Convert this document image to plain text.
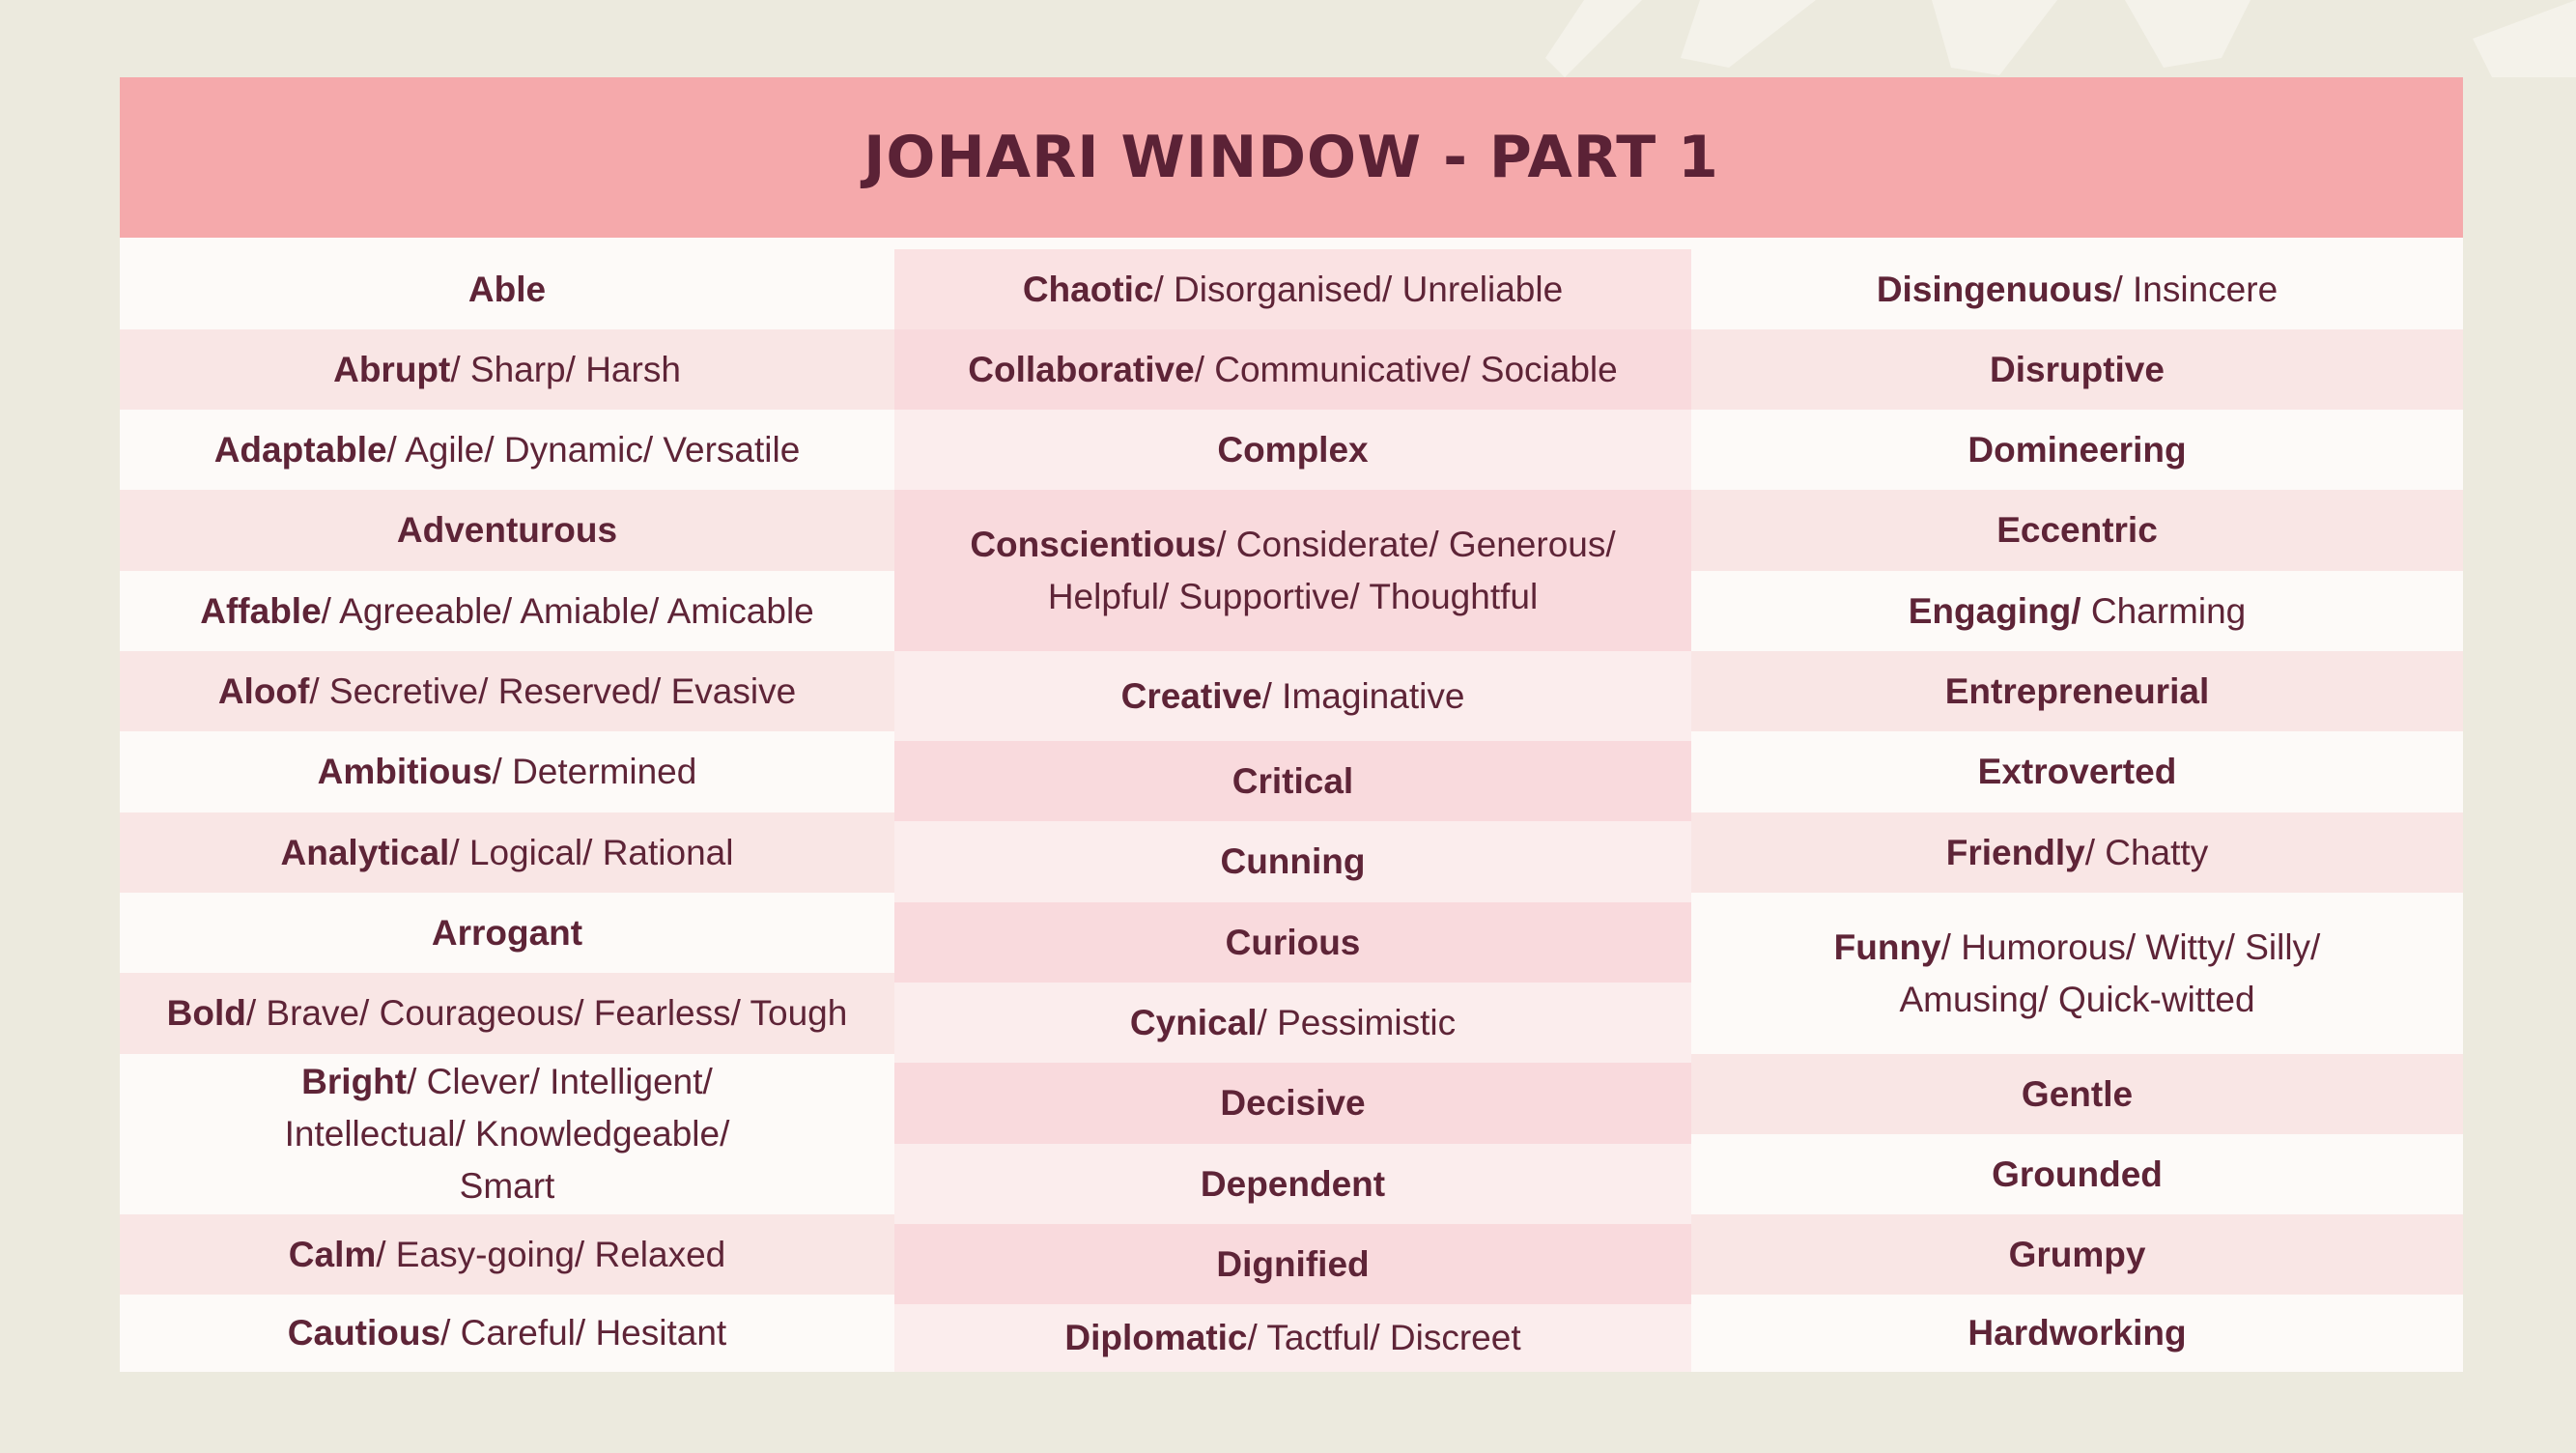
JOHARI WINDOW - PART 1
Able
Abrupt/ Sharp/ Harsh
Adaptable/ Agile/ Dynamic/ Versatile
Adventurous
Affable/ Agreeable/ Amiable/ Amicable
Aloof/ Secretive/ Reserved/ Evasive
Ambitious/ Determined
Analytical/ Logical/ Rational
Arrogant
Bold/ Brave/ Courageous/ Fearless/ Tough
Bright/ Clever/ Intelligent/ Intellectual/ Knowledgeable/ Smart
Calm/ Easy-going/ Relaxed
Cautious/ Careful/ Hesitant
Chaotic/ Disorganised/ Unreliable
Collaborative/ Communicative/ Sociable
Complex
Conscientious/ Considerate/ Generous/ Helpful/ Supportive/ Thoughtful
Creative/ Imaginative
Critical
Cunning
Curious
Cynical/ Pessimistic
Decisive
Dependent
Dignified
Diplomatic/ Tactful/ Discreet
Disingenuous/ Insincere
Disruptive
Domineering
Eccentric
Engaging/ Charming
Entrepreneurial
Extroverted
Friendly/ Chatty
Funny/ Humorous/ Witty/ Silly/ Amusing/ Quick-witted
Gentle
Grounded
Grumpy
Hardworking
